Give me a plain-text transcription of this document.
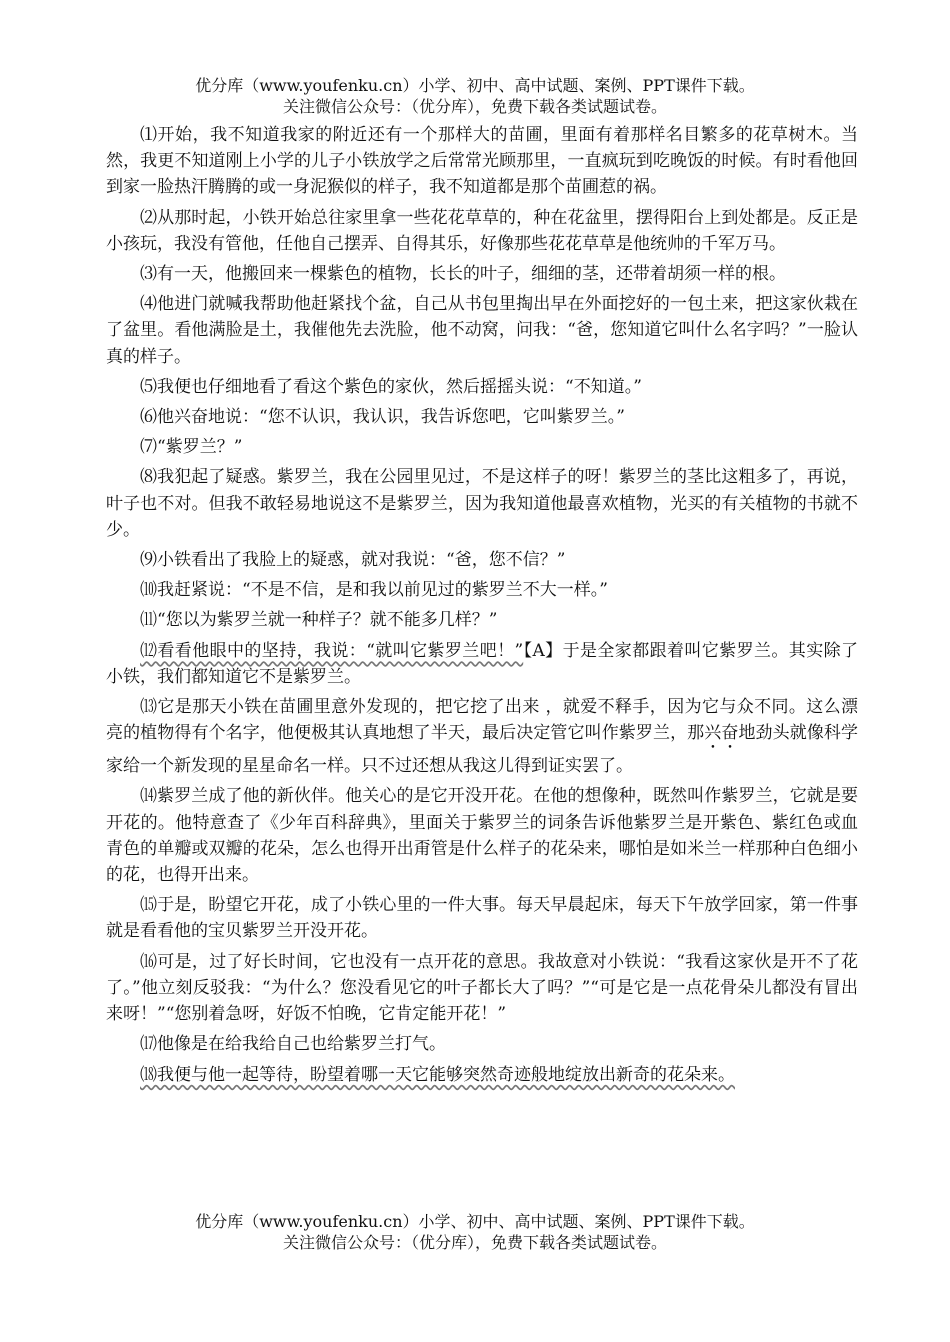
优分库（www.youfenku.cn）小学、初中、高中试题、案例、PPT课件下载。
关注微信公众号：（优分库），免费下载各类试题试卷。

⑴开始，我不知道我家的附近还有一个那样大的苗圃，里面有着那样名目繁多的花草树木。当然，我更不知道刚上小学的儿子小铁放学之后常常光顾那里，一直疯玩到吃晚饭的时候。有时看他回到家一脸热汗腾腾的或一身泥猴似的样子，我不知道都是那个苗圃惹的祸。

⑵从那时起，小铁开始总往家里拿一些花花草草的，种在花盆里，摆得阳台上到处都是。反正是小孩玩，我没有管他，任他自己摆弄、自得其乐，好像那些花花草草是他统帅的千军万马。

⑶有一天，他搬回来一棵紫色的植物，长长的叶子，细细的茎，还带着胡须一样的根。

⑷他进门就喊我帮助他赶紧找个盆，自己从书包里掏出早在外面挖好的一包土来，把这家伙栽在了盆里。看他满脸是土，我催他先去洗脸，他不动窝，问我：“爸，您知道它叫什么名字吗？”一脸认真的样子。

⑸我便也仔细地看了看这个紫色的家伙，然后摇摇头说：“不知道。”

⑹他兴奋地说：“您不认识，我认识，我告诉您吧，它叫紫罗兰。”

⑺“紫罗兰？”

⑻我犯起了疑惑。紫罗兰，我在公园里见过，不是这样子的呀！紫罗兰的茎比这粗多了，再说，叶子也不对。但我不敢轻易地说这不是紫罗兰，因为我知道他最喜欢植物，光买的有关植物的书就不少。

⑼小铁看出了我脸上的疑惑，就对我说：“爸，您不信？”

⑽我赶紧说：“不是不信，是和我以前见过的紫罗兰不大一样。”

⑾“您以为紫罗兰就一种样子？就不能多几样？”

⑿看看他眼中的坚持，我说：“就叫它紫罗兰吧！”【A】于是全家都跟着叫它紫罗兰。其实除了小铁，我们都知道它不是紫罗兰。

⒀它是那天小铁在苗圃里意外发现的，把它挖了出来 ，就爱不释手，因为它与众不同。这么漂亮的植物得有个名字，他便极其认真地想了半天，最后决定管它叫作紫罗兰，那兴奋地劲头就像科学家给一个新发现的星星命名一样。只不过还想从我这儿得到证实罢了。

⒁紫罗兰成了他的新伙伴。他关心的是它开没开花。在他的想像种，既然叫作紫罗兰，它就是要开花的。他特意查了《少年百科辞典》，里面关于紫罗兰的词条告诉他紫罗兰是开紫色、紫红色或血青色的单瓣或双瓣的花朵，怎么也得开出甭管是什么样子的花朵来，哪怕是如米兰一样那种白色细小的花，也得开出来。

⒂于是，盼望它开花，成了小铁心里的一件大事。每天早晨起床，每天下午放学回家，第一件事就是看看他的宝贝紫罗兰开没开花。

⒃可是，过了好长时间，它也没有一点开花的意思。我故意对小铁说：“我看这家伙是开不了花了。”他立刻反驳我：“为什么？您没看见它的叶子都长大了吗？”“可是它是一点花骨朵儿都没有冒出来呀！”“您别着急呀，好饭不怕晚，它肯定能开花！”

⒄他像是在给我给自己也给紫罗兰打气。

⒅我便与他一起等待，盼望着哪一天它能够突然奇迹般地绽放出新奇的花朵来。

优分库（www.youfenku.cn）小学、初中、高中试题、案例、PPT课件下载。
关注微信公众号：（优分库），免费下载各类试题试卷。
